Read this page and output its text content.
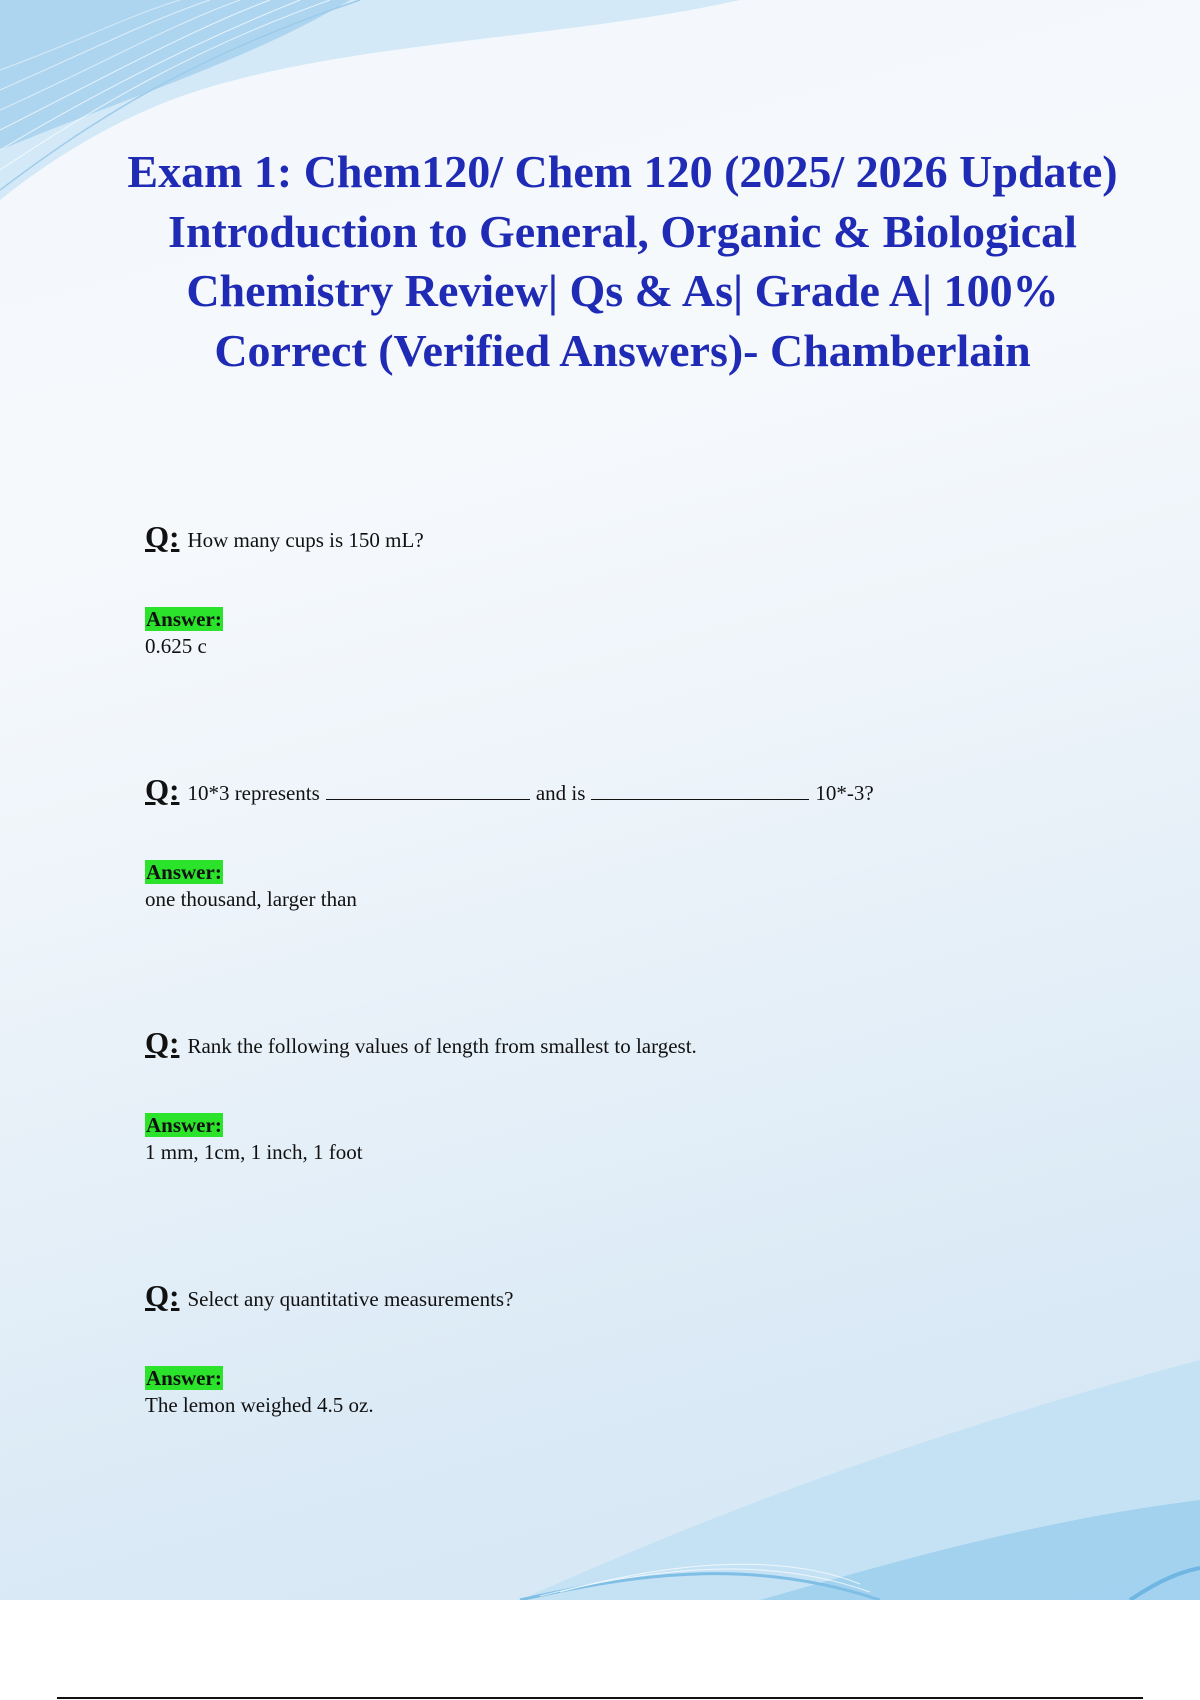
Exam 1: Chem120/ Chem 120 (2025/ 2026 Update) Introduction to General, Organic & Biological Chemistry Review| Qs & As| Grade A| 100% Correct (Verified Answers)- Chamberlain
Q: How many cups is 150 mL?
Answer:
0.625 c
Q: 10*3 represents	and is	10*-3?
Answer:
one thousand, larger than
Q: Rank the following values of length from smallest to largest.
Answer:
1 mm, 1cm, 1 inch, 1 foot
Q: Select any quantitative measurements?
Answer:
The lemon weighed 4.5 oz.
